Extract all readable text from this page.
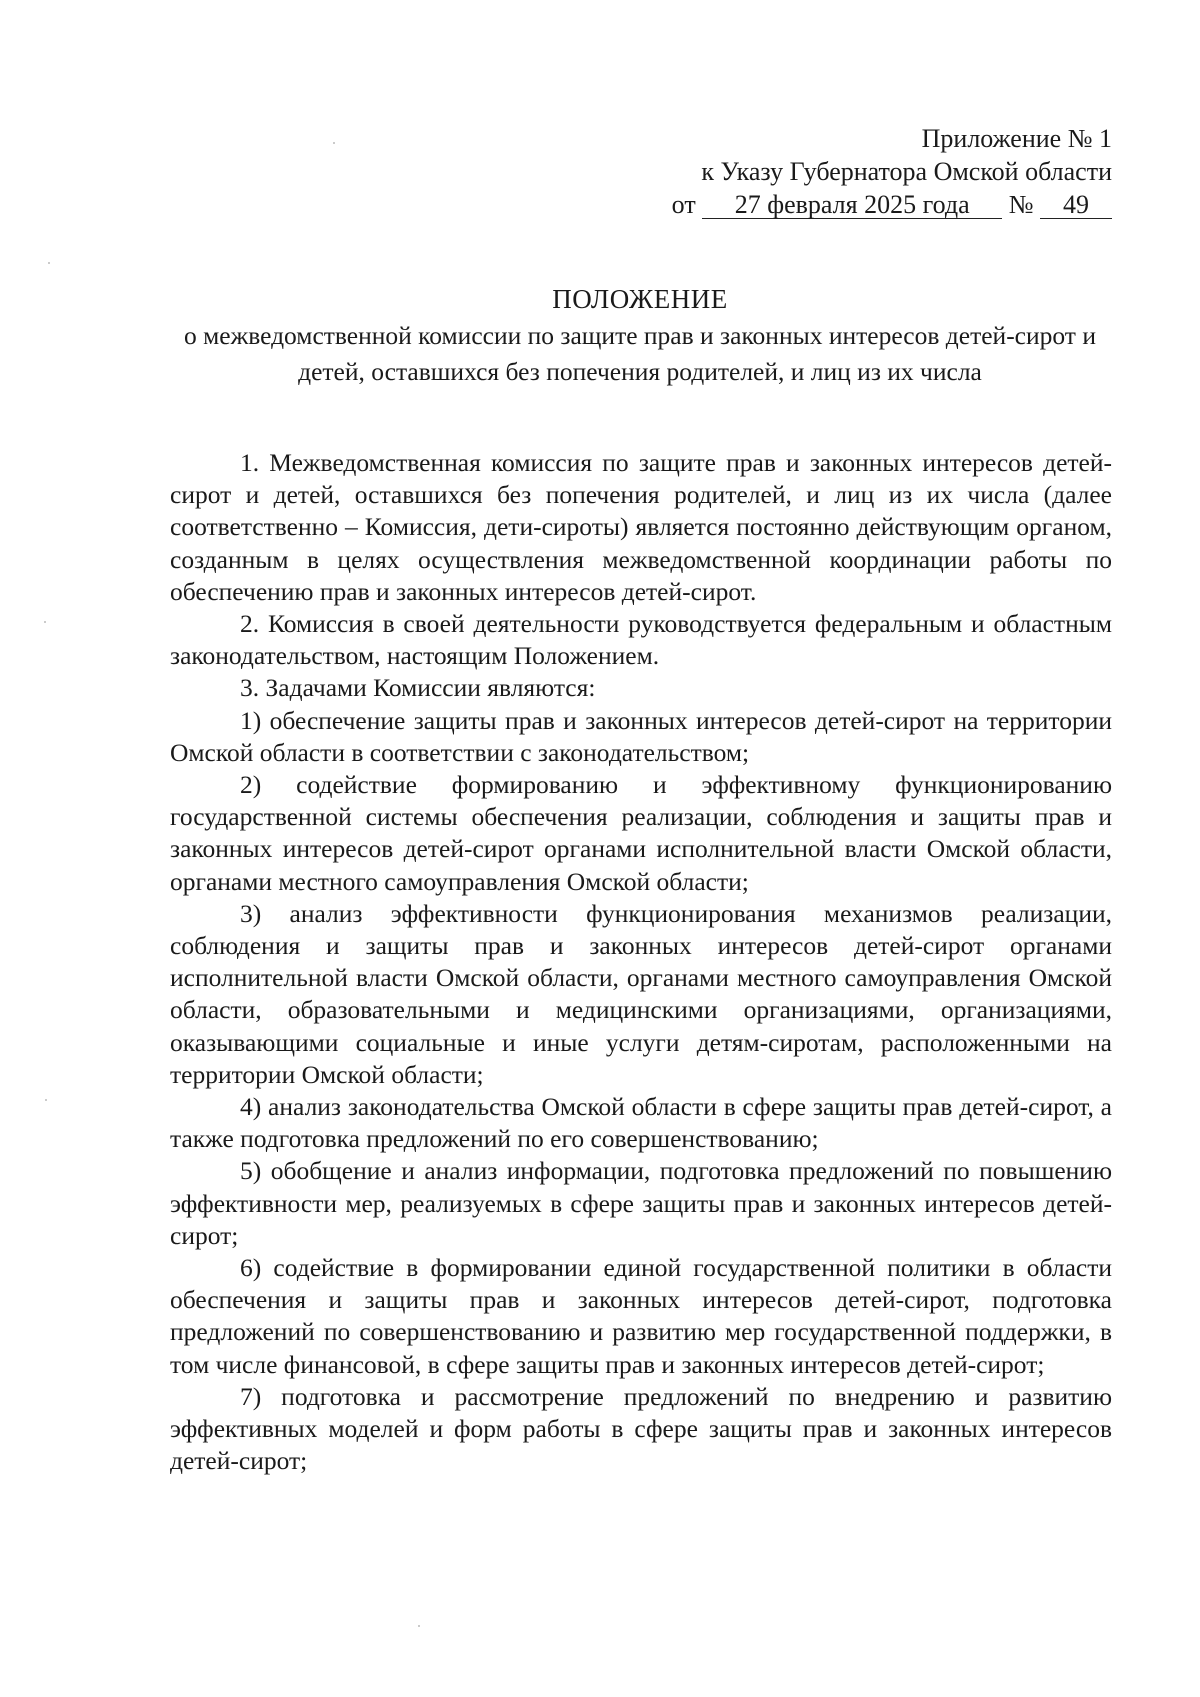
Приложение № 1
к Указу Губернатора Омской области
от 27 февраля 2025 года № 49
ПОЛОЖЕНИЕ
о межведомственной комиссии по защите прав и законных интересов детей-сирот и детей, оставшихся без попечения родителей, и лиц из их числа

1. Межведомственная комиссия по защите прав и законных интересов детей-сирот и детей, оставшихся без попечения родителей, и лиц из их числа (далее соответственно – Комиссия, дети-сироты) является постоянно действующим органом, созданным в целях осуществления межведомственной координации работы по обеспечению прав и законных интересов детей-сирот.

2. Комиссия в своей деятельности руководствуется федеральным и областным законодательством, настоящим Положением.

3. Задачами Комиссии являются:

1) обеспечение защиты прав и законных интересов детей-сирот на территории Омской области в соответствии с законодательством;

2) содействие формированию и эффективному функционированию государственной системы обеспечения реализации, соблюдения и защиты прав и законных интересов детей-сирот органами исполнительной власти Омской области, органами местного самоуправления Омской области;

3) анализ эффективности функционирования механизмов реализации, соблюдения и защиты прав и законных интересов детей-сирот органами исполнительной власти Омской области, органами местного самоуправления Омской области, образовательными и медицинскими организациями, организациями, оказывающими социальные и иные услуги детям-сиротам, расположенными на территории Омской области;

4) анализ законодательства Омской области в сфере защиты прав детей-сирот, а также подготовка предложений по его совершенствованию;

5) обобщение и анализ информации, подготовка предложений по повышению эффективности мер, реализуемых в сфере защиты прав и законных интересов детей-сирот;

6) содействие в формировании единой государственной политики в области обеспечения и защиты прав и законных интересов детей-сирот, подготовка предложений по совершенствованию и развитию мер государственной поддержки, в том числе финансовой, в сфере защиты прав и законных интересов детей-сирот;

7) подготовка и рассмотрение предложений по внедрению и развитию эффективных моделей и форм работы в сфере защиты прав и законных интересов детей-сирот;
